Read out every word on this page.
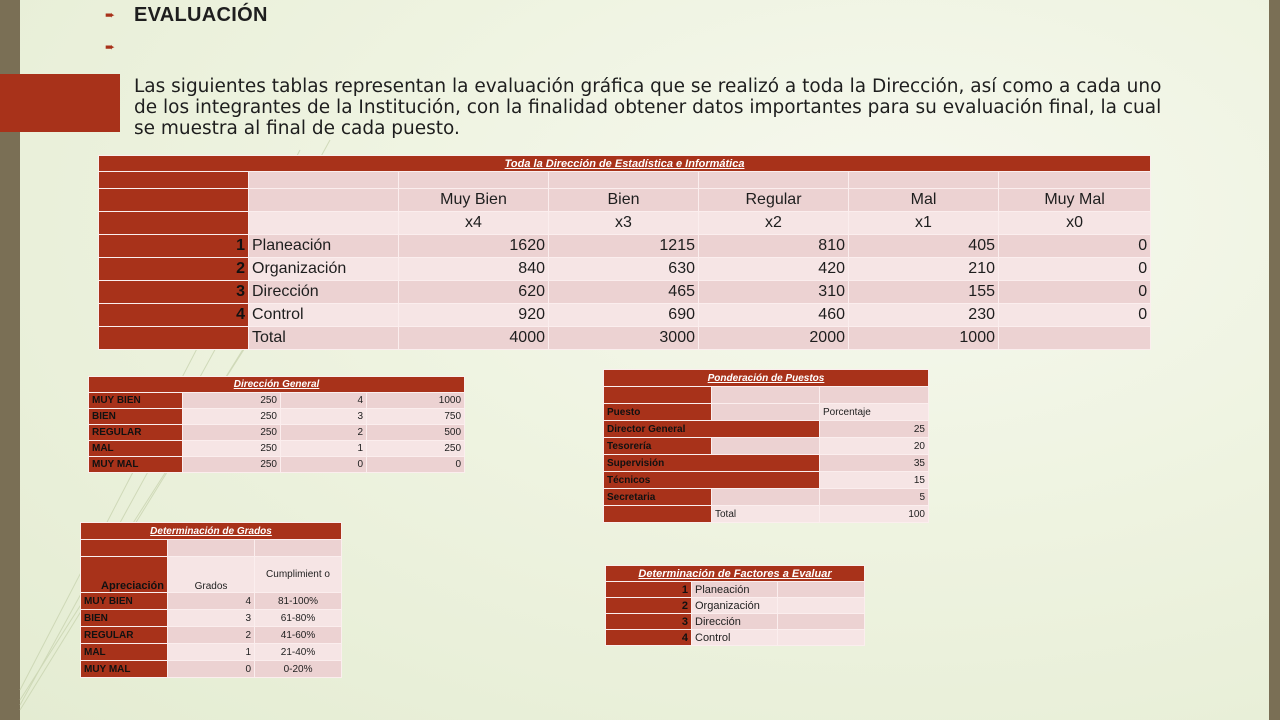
➨ EVALUACIÓN
➨
Las siguientes tablas representan la evaluación gráfica que se realizó a toda la Dirección, así como a cada uno de los integrantes de la Institución, con la finalidad obtener datos importantes para su evaluación final, la cual se muestra al final de cada puesto.
Toda la Dirección de Estadística e Informática						

		Muy Bien	Bien	Regular	Mal	Muy Mal
		x4	x3	x2	x1	x0
1	Planeación	1620	1215	810	405	0
2	Organización	840	630	420	210	0
3	Dirección	620	465	310	155	0
4	Control	920	690	460	230	0
	Total	4000	3000	2000	1000	
Dirección General			
MUY BIEN	250	4	1000
BIEN	250	3	750
REGULAR	250	2	500
MAL	250	1	250
MUY MAL	250	0	0
Ponderación de Puestos		

Puesto		Porcentaje
Director General		25
Tesorería		20
Supervisión		35
Técnicos		15
Secretaria		5
	Total	100
Determinación de Grados		

Apreciación	Grados	Cumplimient o
MUY BIEN	4	81-100%
BIEN	3	61-80%
REGULAR	2	41-60%
MAL	1	21-40%
MUY MAL	0	0-20%
Determinación de Factores a Evaluar		
1	Planeación	
2	Organización	
3	Dirección	
4	Control	
